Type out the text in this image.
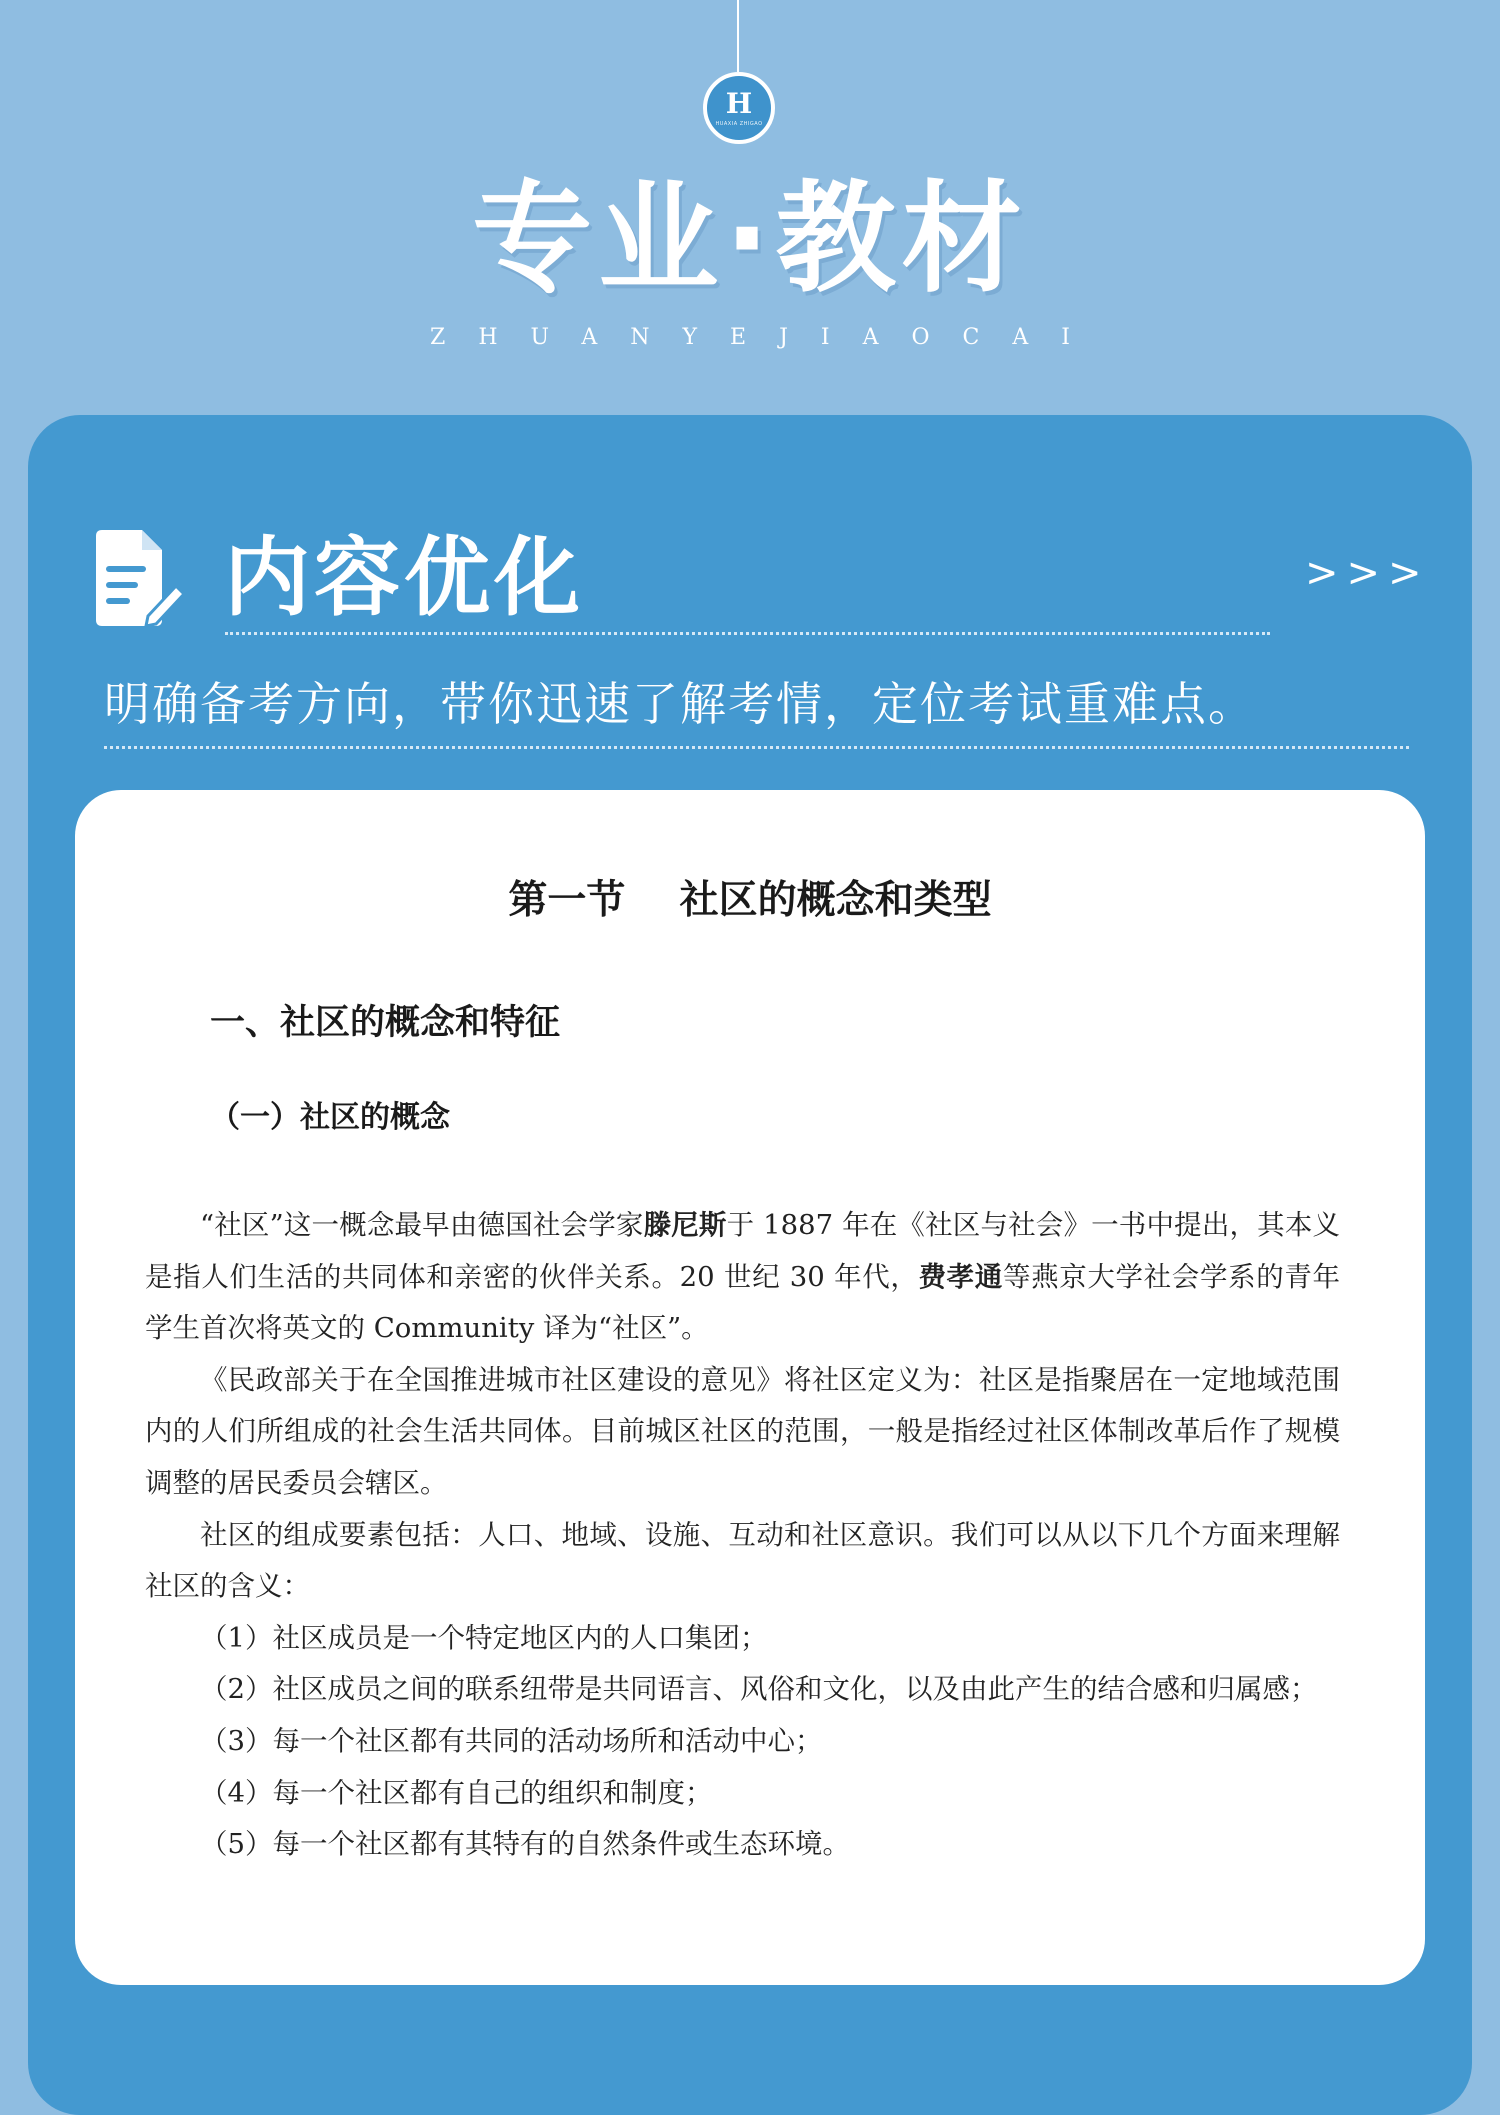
H
HUAXIA ZHIGAO
专业·教材
ZHUANYEJIAOCAI
内容优化	>>>
明确备考方向，带你迅速了解考情，定位考试重难点。
第一节    社区的概念和类型
一、社区的概念和特征
（一）社区的概念

“社区”这一概念最早由德国社会学家滕尼斯于 1887 年在《社区与社会》一书中提出，其本义是指人们生活的共同体和亲密的伙伴关系。20 世纪 30 年代，费孝通等燕京大学社会学系的青年学生首次将英文的 Community 译为“社区”。

《民政部关于在全国推进城市社区建设的意见》将社区定义为：社区是指聚居在一定地域范围内的人们所组成的社会生活共同体。目前城区社区的范围，一般是指经过社区体制改革后作了规模调整的居民委员会辖区。

社区的组成要素包括：人口、地域、设施、互动和社区意识。我们可以从以下几个方面来理解社区的含义：

（1）社区成员是一个特定地区内的人口集团；

（2）社区成员之间的联系纽带是共同语言、风俗和文化，以及由此产生的结合感和归属感；

（3）每一个社区都有共同的活动场所和活动中心；

（4）每一个社区都有自己的组织和制度；

（5）每一个社区都有其特有的自然条件或生态环境。
